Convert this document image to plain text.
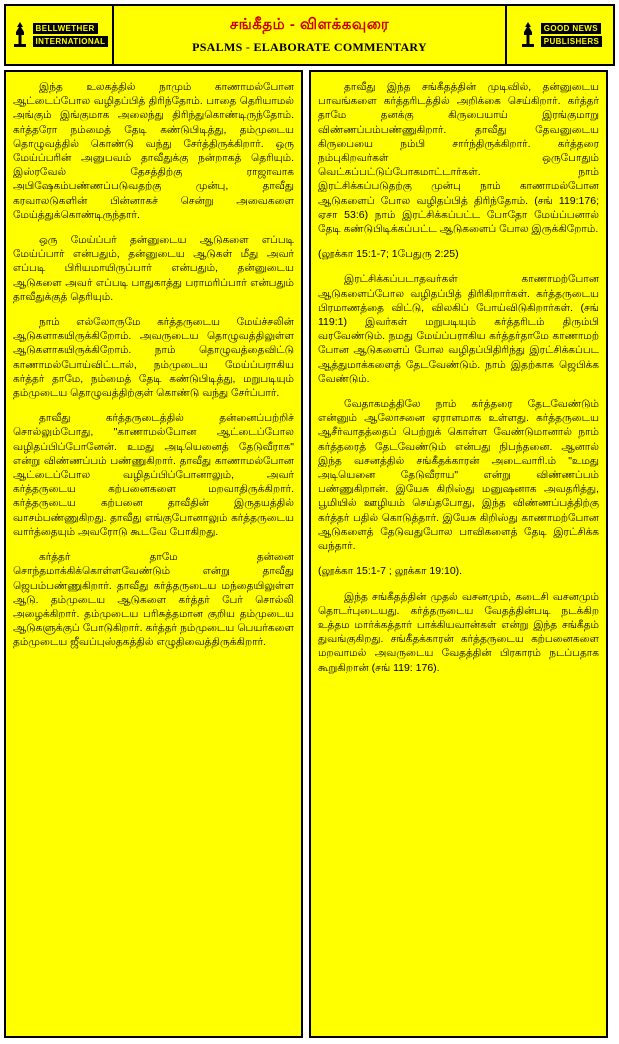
BELLWETHER
INTERNATIONAL
சங்கீதம் - விளக்கவுரை
PSALMS - ELABORATE COMMENTARY
GOOD NEWS
PUBLISHERS

இந்த உலகத்தில் நாமும் காணாமல்போன ஆட்டைப்போல வழிதப்பித் திரிந்தோம். பாதை தெரியாமல் அங்கும் இங்குமாக அலைந்து திரிந்துகொண்டிருந்தோம். கர்த்தரோ நம்மைத் தேடி கண்டுபிடித்து, தம்முடைய தொழுவத்தில் கொண்டு வந்து சேர்த்திருக்கிறார். ஒரு மேய்ப்பரின் அனுபவம் தாவீதுக்கு நன்றாகத் தெரியும். இஸ்ரவேல் தேசத்திற்கு ராஜாவாக அபிஷேகம்பண்ணப்படுவதற்கு முன்பு, தாவீது கரவாலடுகளின் பின்னாகச் சென்று அவைகளை மேய்த்துக்கொண்டிருந்தார்.

ஒரு மேய்ப்பர் தன்னுடைய ஆடுகளை எப்படி மேய்ப்பார் என்பதும், தன்னுடைய ஆடுகள் மீது அவர் எப்படி பிரியமாயிருப்பார் என்பதும், தன்னுடைய ஆடுகளை அவர் எப்படி பாதுகாத்து பராமரிப்பார் என்பதும் தாவீதுக்குத் தெரியும்.

நாம் எல்லோருமே கர்த்தருடைய மேய்ச்சலின் ஆடுகளாகயிருக்கிறோம். அவருடைய தொழுவத்திலுள்ள ஆடுகளாகயிருக்கிறோம். நாம் தொழுவத்தைவிட்டு காணாமல்போய்விட்டால், நம்முடைய மேய்ப்பராகிய கர்த்தர் தாமே, நம்மைத் தேடி கண்டுபிடித்து, மறுபடியும் தம்முடைய தொழுவத்திற்குள் கொண்டு வந்து சேர்ப்பார்.

தாவீது கர்த்தருடைத்தில் தன்னைப்பற்றிச் சொல்லும்போது, "காணாமல்போன ஆட்டைப்போல வழிதப்பிப்போனேன். உமது அடியெனைத் தேடுவீராக" என்று விண்ணப்பம் பண்ணுகிறார். தாவீது காணாமல்போன ஆட்டைப்போல வழிதப்பிப்போனாலும், அவர் கர்த்தருடைய கற்பனைகளை மறவாதிருக்கிறார். கர்த்தருடைய கற்பனை தாவீதின் இருதயத்தில் வாசம்பண்ணுகிறது. தாவீது எங்குபோனாலும் கர்த்தருடைய வார்த்தையும் அவரோடு கூடவே போகிறது.

கர்த்தர் தாமே தன்னை சொந்தமாக்கிக்கொள்ளவேண்டும் என்று தாவீது ஜெபம்பண்ணுகிறார். தாவீது கர்த்தருடைய மந்தையிலுள்ள ஆடு. தம்முடைய ஆடுகளை கர்த்தர் பேர் சொல்லி அழைக்கிறார். தம்முடைய பரிசுத்தமான குறிய தம்முடைய ஆடுகளுக்குப் போடுகிறார். கர்த்தர் நம்முடைய பெயர்களை தம்முடைய ஜீவப்புஸ்தகத்தில் எழுதிவைத்திருக்கிறார்.

தாவீது இந்த சங்கீதத்தின் முடிவில், தன்னுடைய பாவங்களை கர்த்தரிடத்தில் அறிக்கை செய்கிறார். கர்த்தர் தாமே தனக்கு கிருபையாய் இரங்குமாறு விண்ணப்பம்பண்ணுகிறார். தாவீது தேவனுடைய கிருபையை நம்பி சார்ந்திருக்கிறார். கர்த்தரை நம்புகிறவர்கள் ஒருபோதும் வெட்கப்பட்டுப்போகமாட்டார்கள். நாம் இரட்சிக்கப்படுதற்கு முன்பு நாம் காணாமல்போன ஆடுகளைப் போல வழிதப்பித் திரிந்தோம். (சங் 119:176; ஏசா 53:6) நாம் இரட்சிக்கப்பட்ட போதோ மேய்ப்பனால் தேடி கண்டுபிடிக்கப்பட்ட ஆடுகளைப் போல இருக்கிறோம்.

(லூக்கா 15:1-7; 1பேதுரு 2:25)

இரட்சிக்கப்படாதவர்கள் காணாமற்போன ஆடுகளைப்போல வழிதப்பித் திரிகிறார்கள். கர்த்தருடைய பிரமாணத்தை விட்டு, விலகிப் போய்விடுகிறார்கள். (சங் 119:1) இவர்கள் மறுபடியும் கர்த்தரிடம் திரும்பி வரவேண்டும். நமது மேய்ப்பராகிய கர்த்தர்தாமே காணாமற் போன ஆடுகளைப் போல வழிதப்பிதிரிந்து இரட்சிக்கப்பட ஆத்துமாக்களைத் தேடவேண்டும். நாம் இதற்காக ஜெபிக்க வேண்டும்.

வேதாகமத்திலே நாம் கர்த்தரை தேடவேண்டும் என்னும் ஆலோசனை ஏராளமாக உள்ளது. கர்த்தருடைய ஆசீர்வாதத்தைப் பெற்றுக் கொள்ள வேண்டுமானால் நாம் கர்த்தரைத் தேடவேண்டும் என்பது நிபந்தனை. ஆனால் இந்த வசனத்தில் சங்கீதக்காரன் அடைவாரி.ம் "உமது அடியெனை தேடுவீராய" என்று விண்ணப்பம் பண்ணுகிறான். இயேசு கிறிஸ்து மனுஷனாக அவதரித்து, பூமியில் ஊழியம் செய்தபோது, இந்த விண்ணப்பத்திற்கு கர்த்தர் பதில் கொடுத்தார். இயேசு கிறிஸ்து காணாமற்போன ஆடுகளைத் தேடுவதுபோல பாவிகளைத் தேடி இரட்சிக்க வந்தார்.

(லூக்கா 15:1-7 ; லூக்கா 19:10).

இந்த சங்கீதத்தின் முதல் வசனமும், கடைசி வசனமும் தொடர்புடையது. கர்த்தருடைய வேதத்தின்படி நடக்கிற உத்தம மார்க்கத்தார் பாக்கியவான்கள் என்று இந்த சங்கீதம் துவங்குகிறது. சங்கீதக்காரன் கர்த்தருடைய கற்பனைகளை மறவாமல் அவருடைய வேதத்தின் பிரகாரம் நடப்பதாக கூறுகிறான் (சங் 119: 176).
